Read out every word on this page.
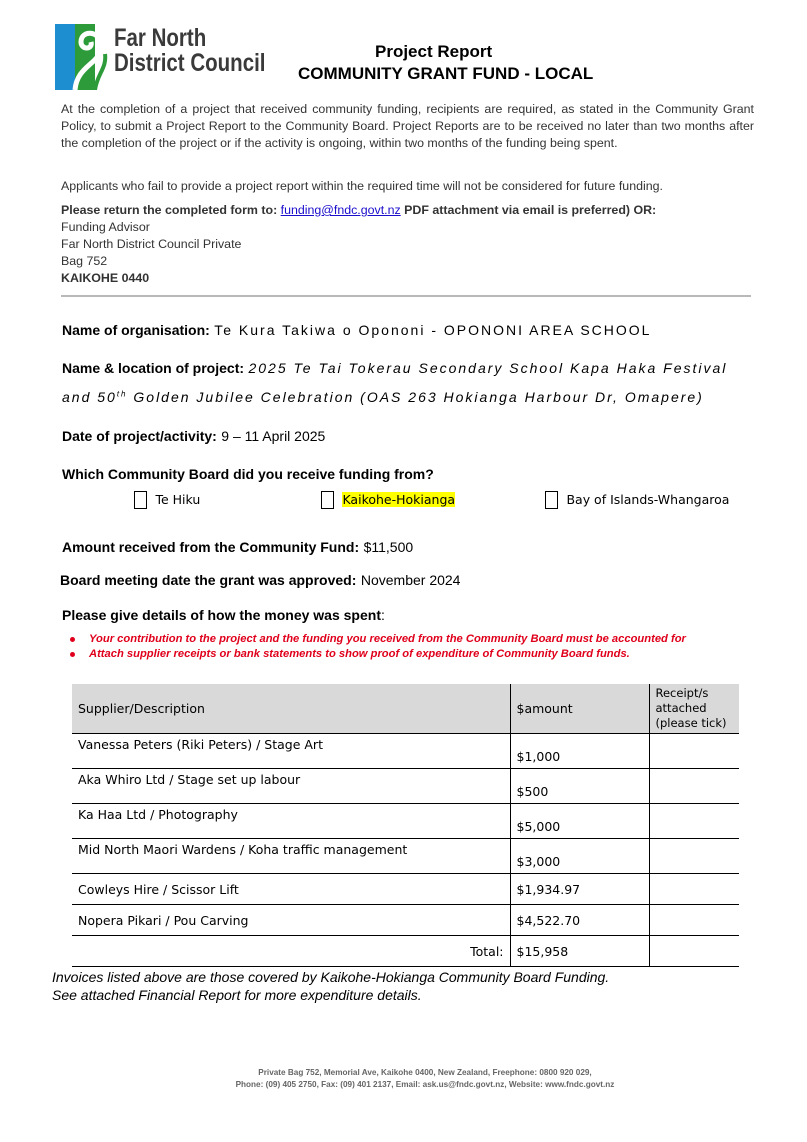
Far North
District Council	Project Report
COMMUNITY GRANT FUND - LOCAL
At the completion of a project that received community funding, recipients are required, as stated in the Community Grant Policy, to submit a Project Report to the Community Board. Project Reports are to be received no later than two months after the completion of the project or if the activity is ongoing, within two months of the funding being spent.
Applicants who fail to provide a project report within the required time will not be considered for future funding.
Please return the completed form to: funding@fndc.govt.nz PDF attachment via email is preferred) OR:
Funding Advisor
Far North District Council Private
Bag 752
KAIKOHE 0440
Name of organisation: Te Kura Takiwa o Opononi - OPONONI AREA SCHOOL
Name & location of project: 2025 Te Tai Tokerau Secondary School Kapa Haka Festival
and 50th Golden Jubilee Celebration (OAS 263 Hokianga Harbour Dr, Omapere)
Date of project/activity: 9 – 11 April 2025
Which Community Board did you receive funding from?
Te Hiku	Kaikohe-Hokianga	Bay of Islands-Whangaroa
Amount received from the Community Fund: $11,500
Board meeting date the grant was approved: November 2024
Please give details of how the money was spent:
Your contribution to the project and the funding you received from the Community Board must be accounted for
Attach supplier receipts or bank statements to show proof of expenditure of Community Board funds.
Supplier/Description	$amount	Receipt/s
attached
(please tick)

Vanessa Peters (Riki Peters) / Stage Art	$1,000	
Aka Whiro Ltd / Stage set up labour	$500	
Ka Haa Ltd / Photography	$5,000	
Mid North Maori Wardens / Koha traffic management	$3,000	
Cowleys Hire / Scissor Lift	$1,934.97	
Nopera Pikari / Pou Carving	$4,522.70	
Total:	$15,958	
Invoices listed above are those covered by Kaikohe-Hokianga Community Board Funding.
See attached Financial Report for more expenditure details.
Private Bag 752, Memorial Ave, Kaikohe 0400, New Zealand, Freephone: 0800 920 029,
Phone: (09) 405 2750, Fax: (09) 401 2137, Email: ask.us@fndc.govt.nz, Website: www.fndc.govt.nz
